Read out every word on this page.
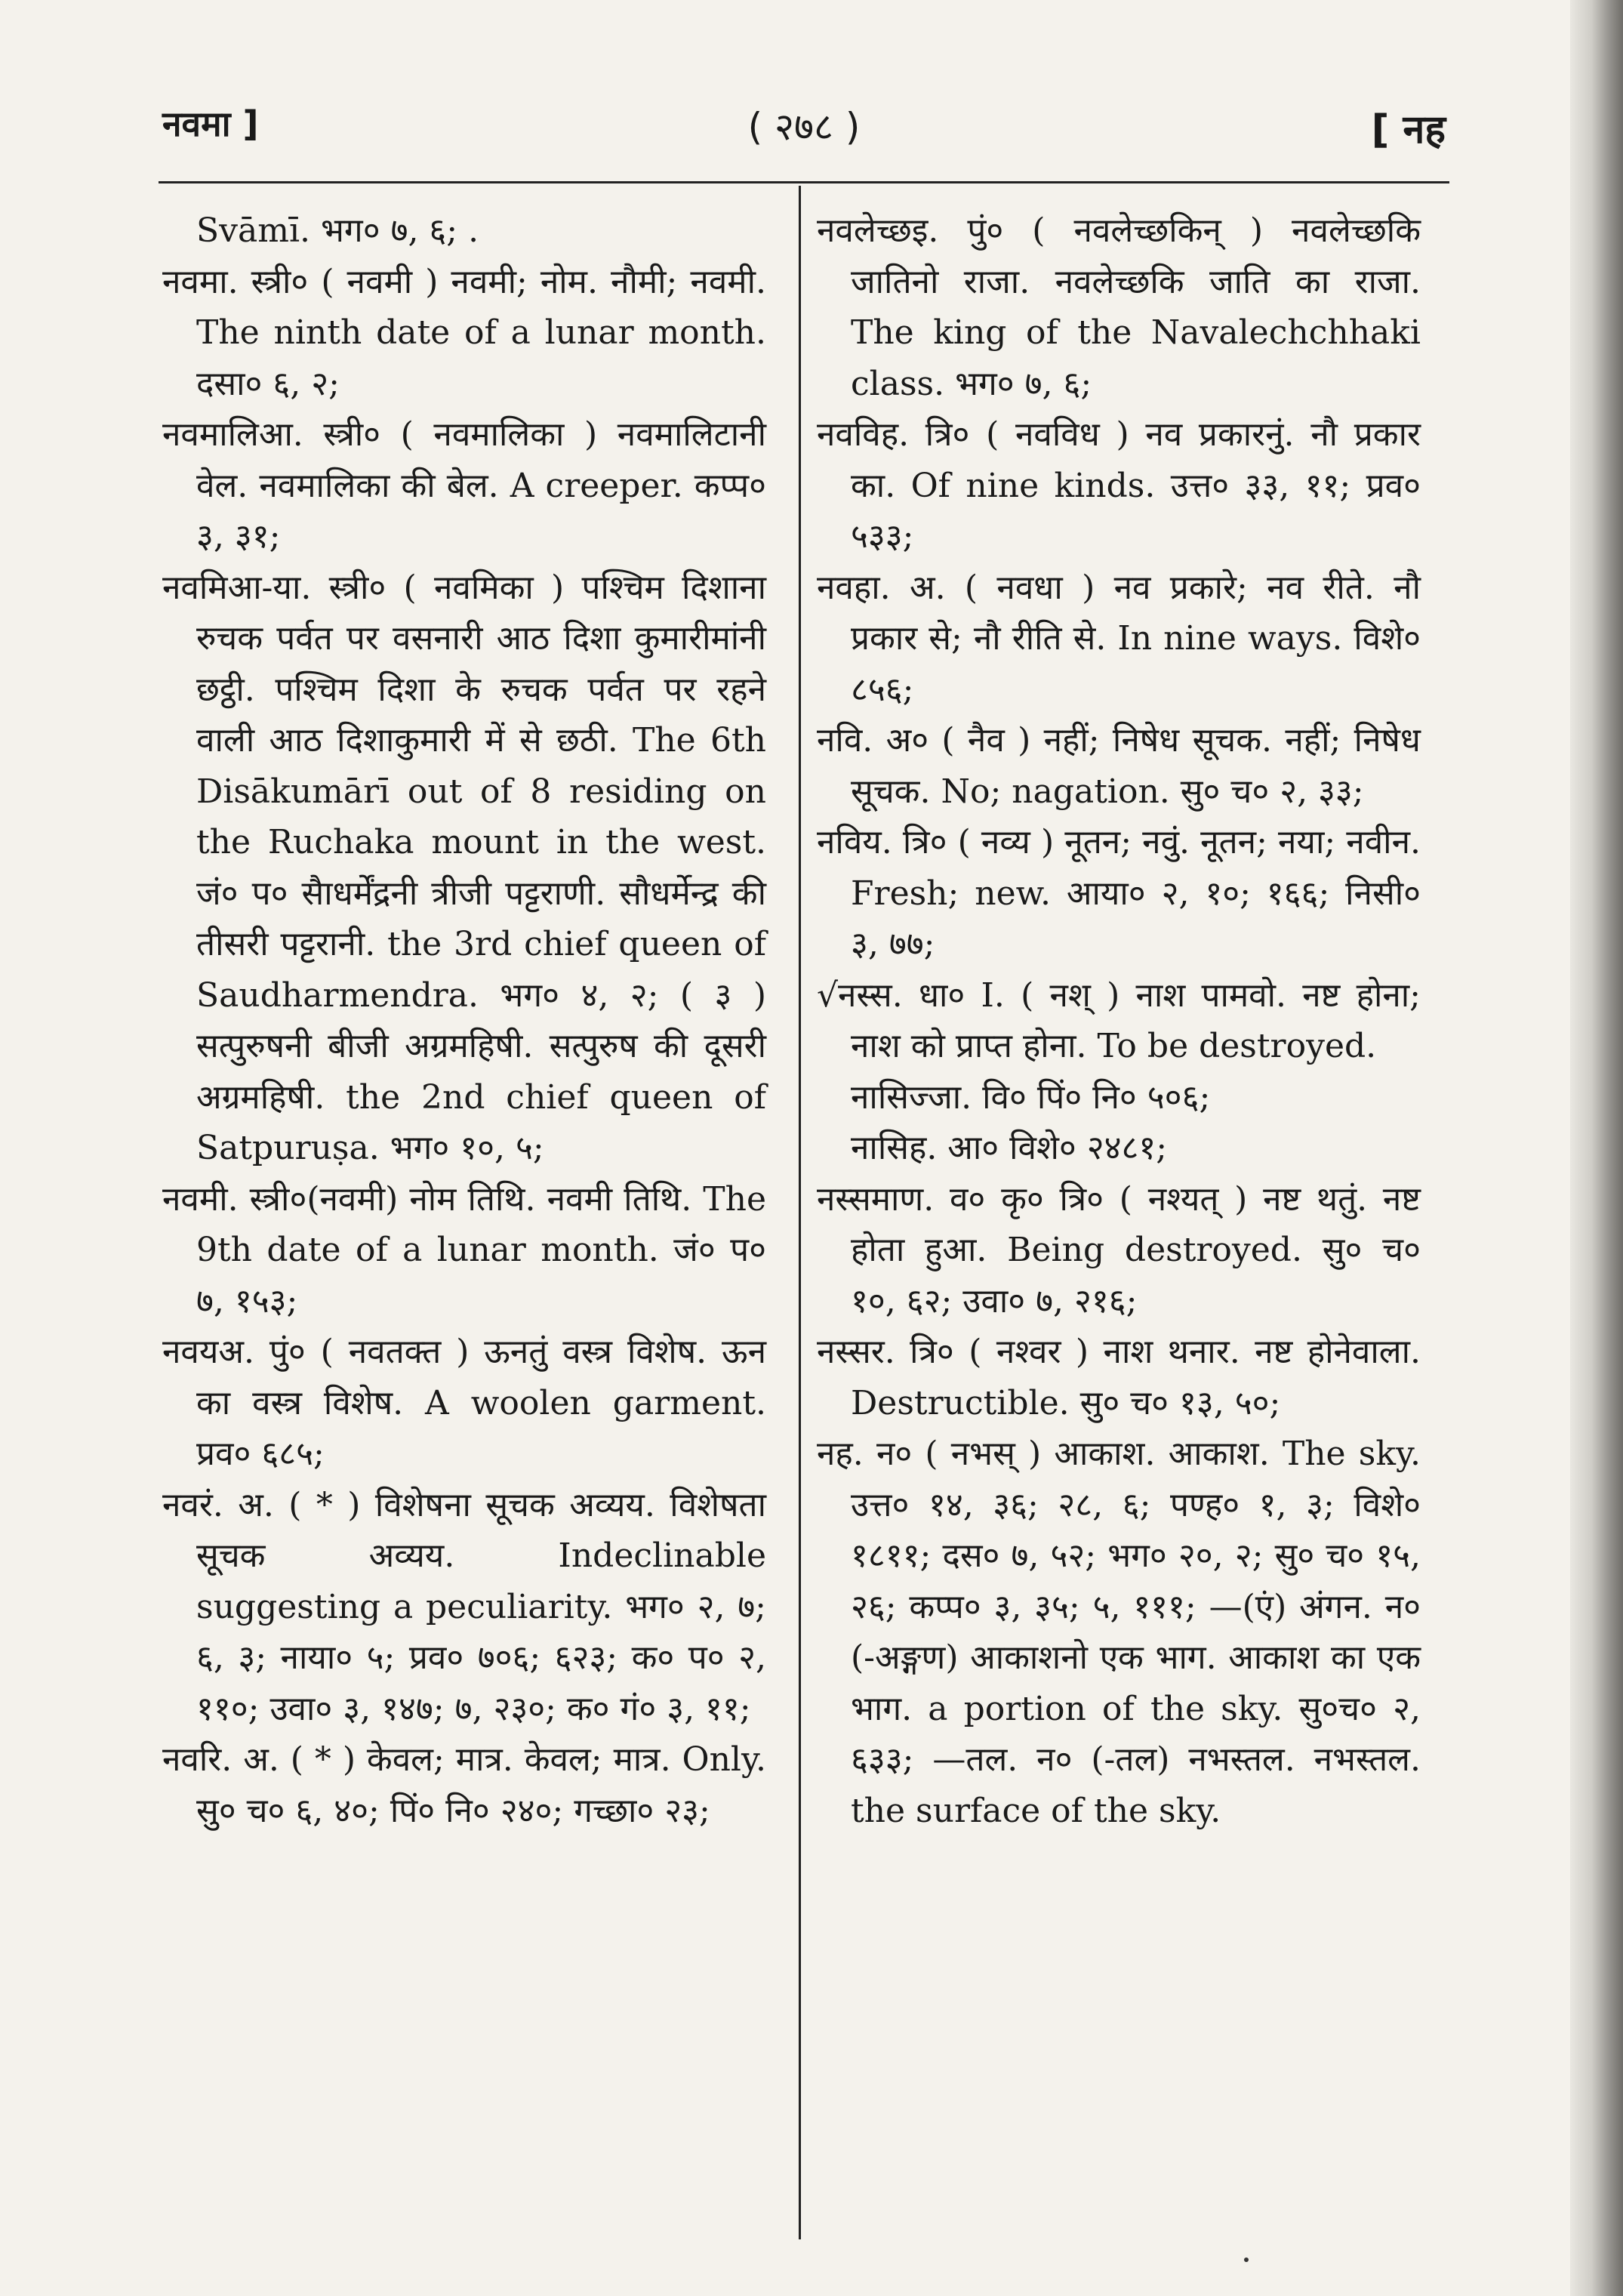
नवमा ]	( २७८ )	[ नह
Svāmī. भग० ७, ६; .
नवमा. स्त्री० ( नवमी ) नवमी; नोम. नौमी; नवमी. The ninth date of a lunar month. दसा० ६, २;
नवमालिआ. स्त्री० ( नवमालिका ) नवमालिटानी वेल. नवमालिका की बेल. A creeper. कप्प० ३, ३१;
नवमिआ-या. स्त्री० ( नवमिका ) पश्चिम दिशाना रुचक पर्वत पर वसनारी आठ दिशा कुमारीमांनी छट्ठी. पश्चिम दिशा के रुचक पर्वत पर रहने वाली आठ दिशाकुमारी में से छठी. The 6th Disākumārī out of 8 residing on the Ruchaka mount in the west. जं० प० सैाधर्मेंद्रनी त्रीजी पट्टराणी. सौधर्मेन्द्र की तीसरी पट्टरानी. the 3rd chief queen of Saudharmendra. भग० ४, २; ( ३ ) सत्पुरुषनी बीजी अग्रमहिषी. सत्पुरुष की दूसरी अग्रमहिषी. the 2nd chief queen of Satpuruṣa. भग० १०, ५;
नवमी. स्त्री०(नवमी) नोम तिथि. नवमी तिथि. The 9th date of a lunar month. जं० प० ७, १५३;
नवयअ. पुं० ( नवतक्त ) ऊनतुं वस्त्र विशेष. ऊन का वस्त्र विशेष. A woolen garment. प्रव० ६८५;
नवरं. अ. ( * ) विशेषना सूचक अव्यय. विशेषता सूचक अव्यय. Indeclinable suggesting a peculiarity. भग० २, ७; ६, ३; नाया० ५; प्रव० ७०६; ६२३; क० प० २, ११०; उवा० ३, १४७; ७, २३०; क० गं० ३, ११;
नवरि. अ. ( * ) केवल; मात्र. केवल; मात्र. Only. सु० च० ६, ४०; पिं० नि० २४०; गच्छा० २३;
नवलेच्छइ. पुं० ( नवलेच्छकिन् ) नवलेच्छकि जातिनो राजा. नवलेच्छकि जाति का राजा. The king of the Navalechchhaki class. भग० ७, ६;
नवविह. त्रि० ( नवविध ) नव प्रकारनुं. नौ प्रकार का. Of nine kinds. उत्त० ३३, ११; प्रव० ५३३;
नवहा. अ. ( नवधा ) नव प्रकारे; नव रीते. नौ प्रकार से; नौ रीति से. In nine ways. विशे० ८५६;
नवि. अ० ( नैव ) नहीं; निषेध सूचक. नहीं; निषेध सूचक. No; nagation. सु० च० २, ३३;
नविय. त्रि० ( नव्य ) नूतन; नवुं. नूतन; नया; नवीन. Fresh; new. आया० २, १०; १६६; निसी० ३, ७७;
√नस्स. धा० I. ( नश् ) नाश पामवो. नष्ट होना; नाश को प्राप्त होना. To be destroyed.
नासिज्जा. वि० पिं० नि० ५०६;
नासिह. आ० विशे० २४८१;
नस्समाण. व० कृ० त्रि० ( नश्यत् ) नष्ट थतुं. नष्ट होता हुआ. Being destroyed. सु० च० १०, ६२; उवा० ७, २१६;
नस्सर. त्रि० ( नश्वर ) नाश थनार. नष्ट होनेवाला. Destructible. सु० च० १३, ५०;
नह. न० ( नभस् ) आकाश. आकाश. The sky. उत्त० १४, ३६; २८, ६; पण्ह० १, ३; विशे० १८११; दस० ७, ५२; भग० २०, २; सु० च० १५, २६; कप्प० ३, ३५; ५, १११; —(एं) अंगन. न० (-अङ्गण) आकाशनो एक भाग. आकाश का एक भाग. a portion of the sky. सु०च० २, ६३३; —तल. न० (-तल) नभस्तल. नभस्तल. the surface of the sky.
